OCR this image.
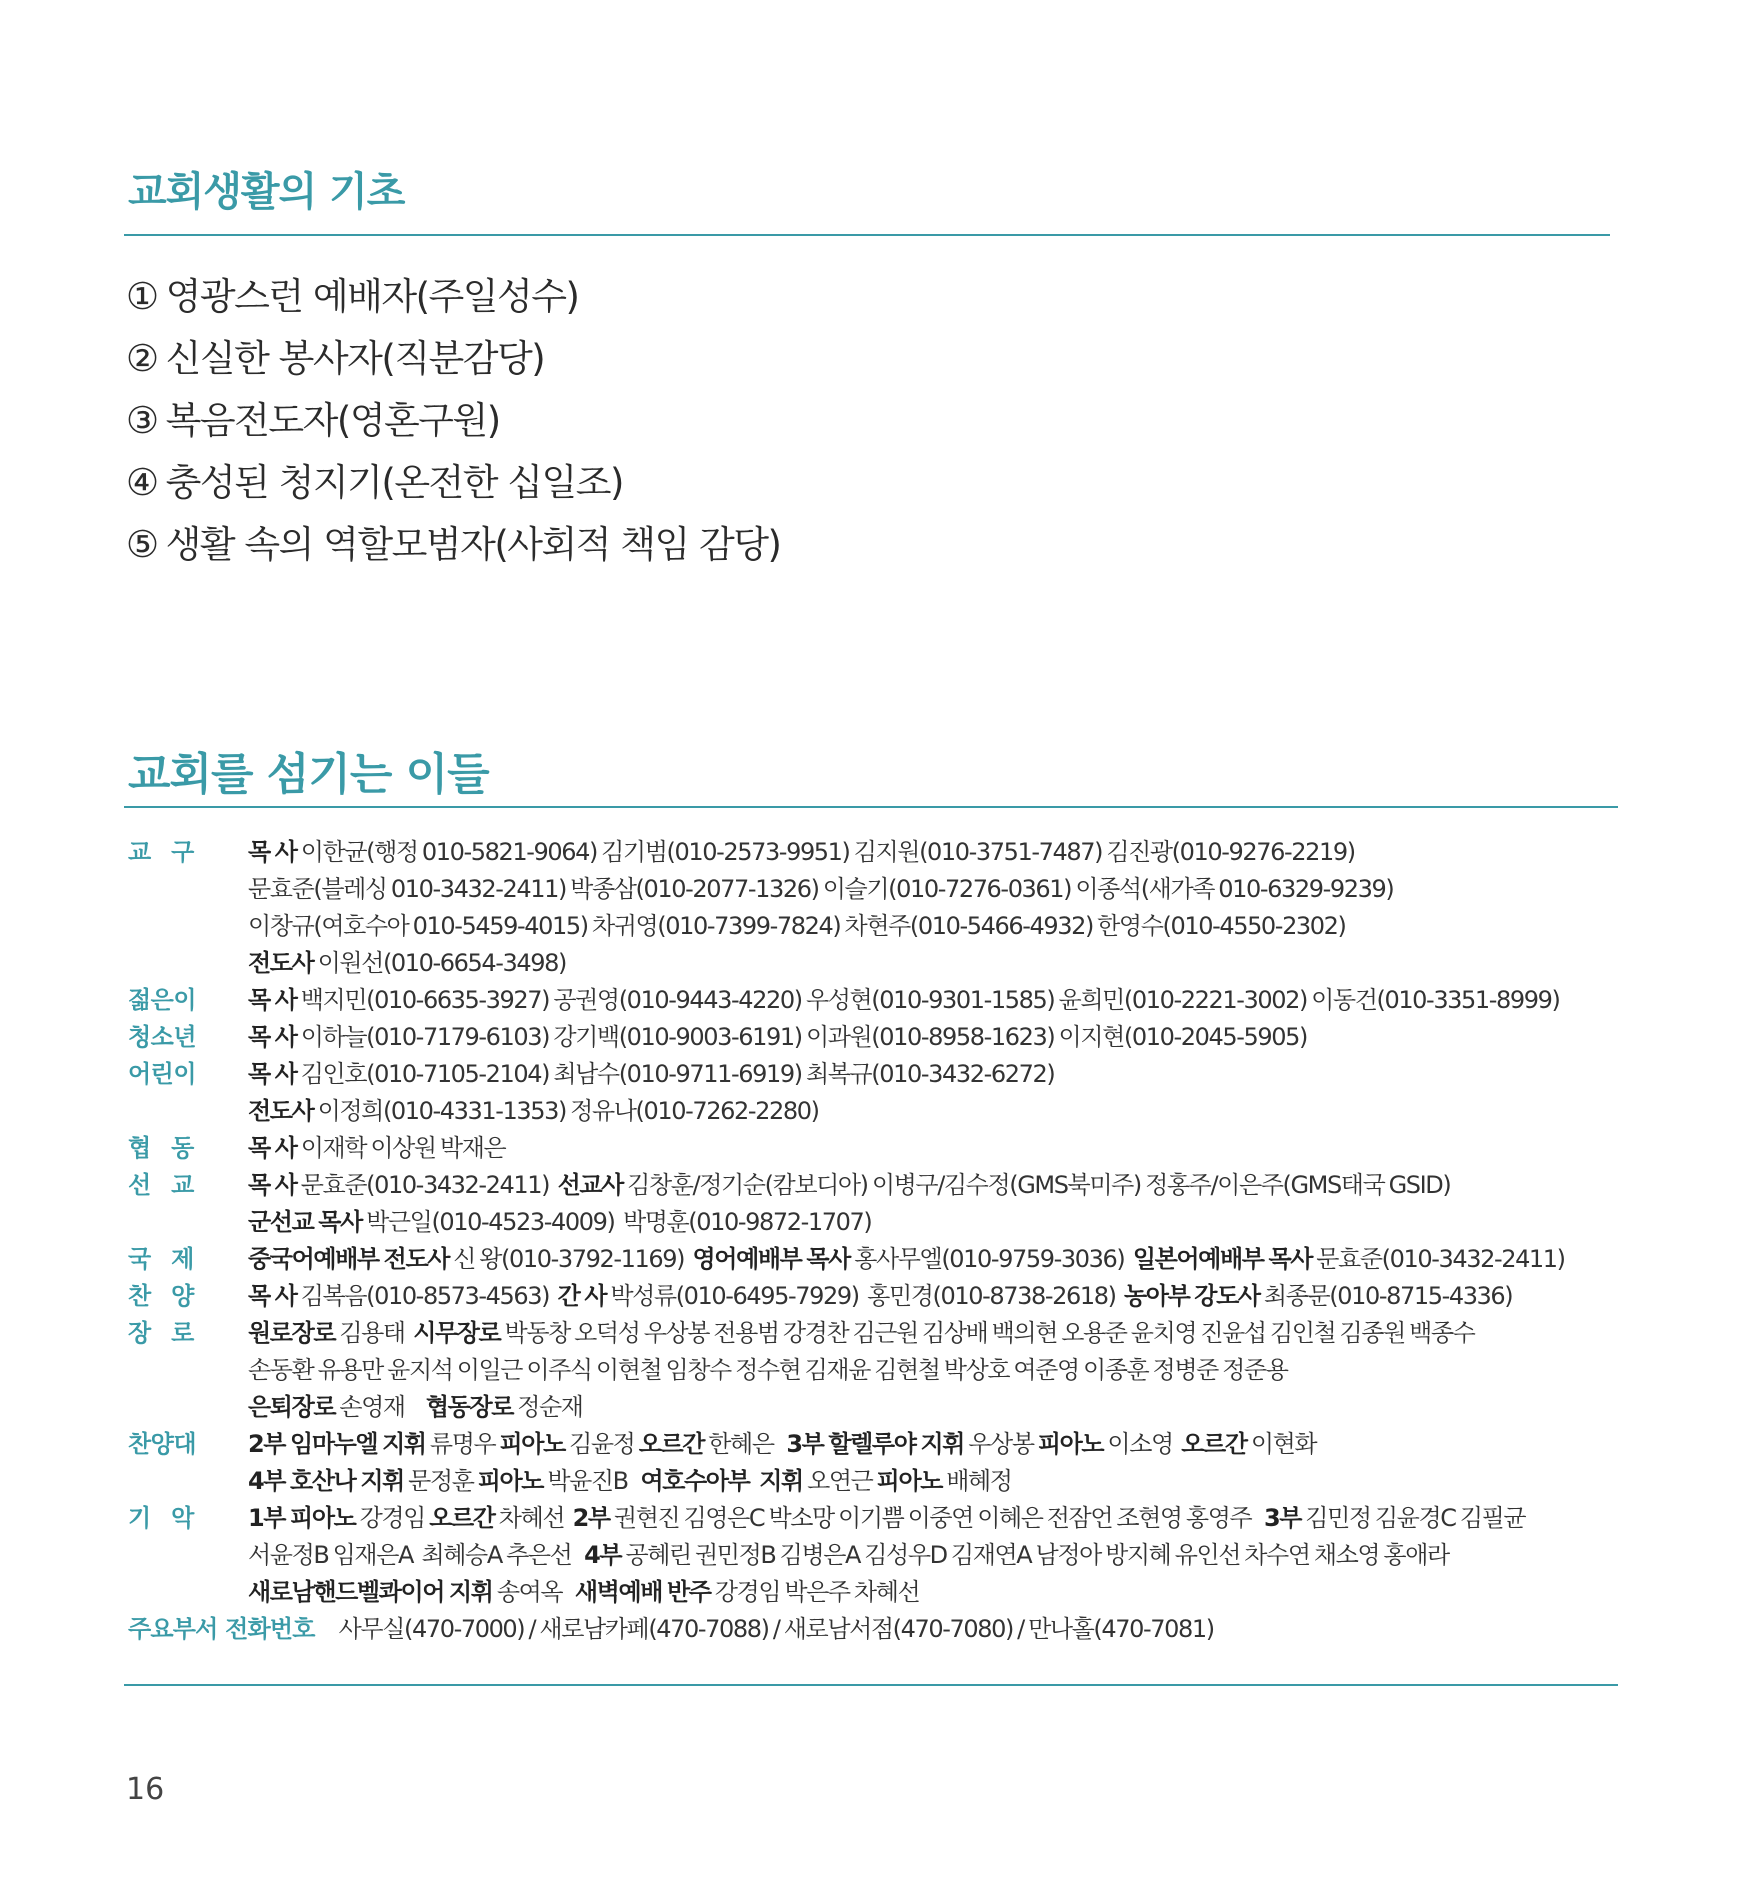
교회생활의 기초
① 영광스런 예배자(주일성수)
② 신실한 봉사자(직분감당)
③ 복음전도자(영혼구원)
④ 충성된 청지기(온전한 십일조)
⑤ 생활 속의 역할모범자(사회적 책임 감당)
교회를 섬기는 이들
교구	목 사 이한균(행정 010-5821-9064) 김기범(010-2573-9951) 김지원(010-3751-7487) 김진광(010-9276-2219)
문효준(블레싱 010-3432-2411) 박종삼(010-2077-1326) 이슬기(010-7276-0361) 이종석(새가족 010-6329-9239)
이창규(여호수아 010-5459-4015) 차귀영(010-7399-7824) 차현주(010-5466-4932) 한영수(010-4550-2302)
전도사 이원선(010-6654-3498)
젊은이	목 사 백지민(010-6635-3927) 공권영(010-9443-4220) 우성현(010-9301-1585) 윤희민(010-2221-3002) 이동건(010-3351-8999)
청소년	목 사 이하늘(010-7179-6103) 강기백(010-9003-6191) 이과원(010-8958-1623) 이지현(010-2045-5905)
어린이	목 사 김인호(010-7105-2104) 최남수(010-9711-6919) 최복규(010-3432-6272)
전도사 이정희(010-4331-1353) 정유나(010-7262-2280)
협동	목 사 이재학 이상원 박재은
선교	목 사 문효준(010-3432-2411)  선교사 김창훈/정기순(캄보디아) 이병구/김수정(GMS북미주) 정홍주/이은주(GMS태국 GSID)
군선교 목사 박근일(010-4523-4009)  박명훈(010-9872-1707)
국제	중국어예배부 전도사 신 왕(010-3792-1169)  영어예배부 목사 홍사무엘(010-9759-3036)  일본어예배부 목사 문효준(010-3432-2411)
찬양	목 사 김복음(010-8573-4563)  간 사 박성류(010-6495-7929)  홍민경(010-8738-2618)  농아부 강도사 최종문(010-8715-4336)
장로	원로장로 김용태  시무장로 박동창 오덕성 우상봉 전용범 강경찬 김근원 김상배 백의현 오용준 윤치영 진윤섭 김인철 김종원 백종수
손동환 유용만 윤지석 이일근 이주식 이현철 임창수 정수현 김재윤 김현철 박상호 여준영 이종훈 정병준 정준용
은퇴장로 손영재     협동장로 정순재
찬양대	2부 임마누엘 지휘 류명우 피아노 김윤정 오르간 한혜은   3부 할렐루야 지휘 우상봉 피아노 이소영  오르간 이현화
4부 호산나 지휘 문정훈 피아노 박윤진B   여호수아부  지휘 오연근 피아노 배혜정
기악	1부 피아노 강경임 오르간 차혜선  2부 권현진 김영은C 박소망 이기쁨 이중연 이혜은 전잠언 조현영 홍영주   3부 김민정 김윤경C 김필균
서윤정B 임재은A  최혜승A 추은선   4부 공혜린 권민정B 김병은A 김성우D 김재연A 남정아 방지혜 유인선 차수연 채소영 홍애라
새로남핸드벨콰이어 지휘 송여옥   새벽예배 반주 강경임 박은주 차혜선
주요부서 전화번호 사무실(470-7000) / 새로남카페(470-7088) / 새로남서점(470-7080) / 만나홀(470-7081)
16
